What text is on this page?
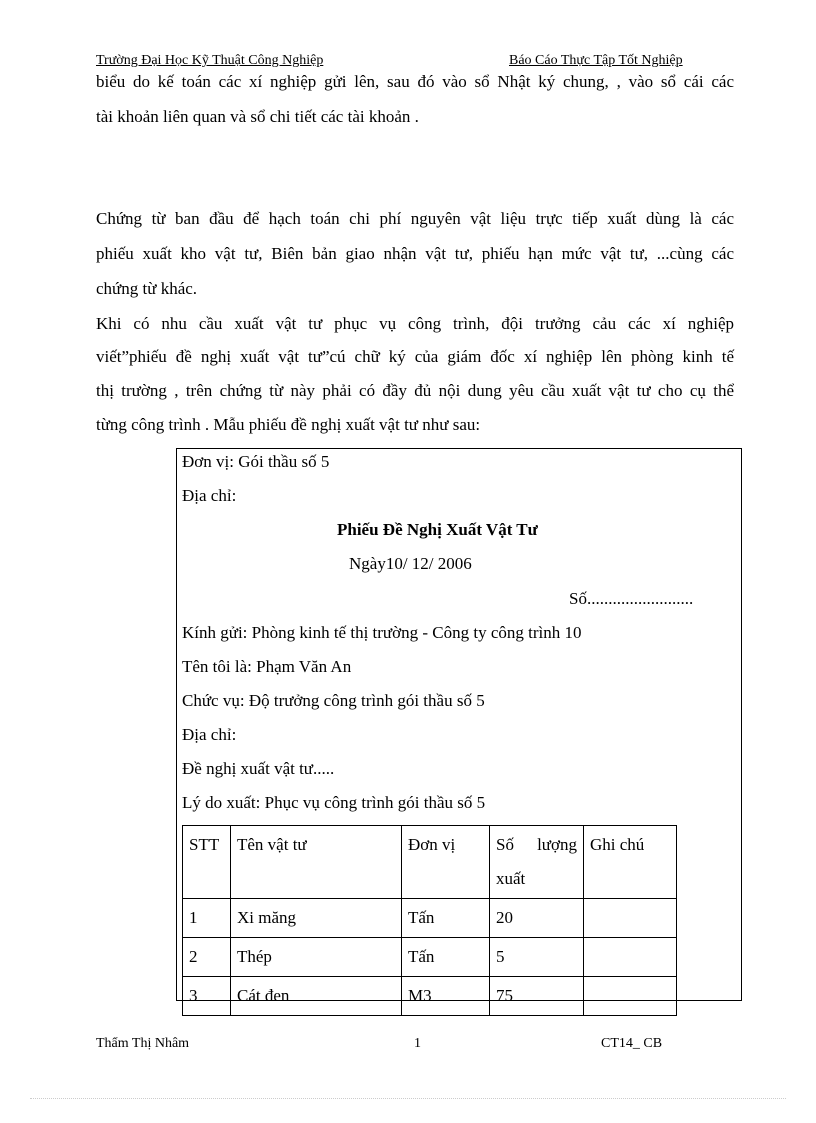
Trường Đại Học Kỹ Thuật Công Nghiệp	Báo Cáo Thực Tập Tốt Nghiệp
biểu do kế toán các xí nghiệp gửi lên, sau đó vào sổ Nhật ký chung, , vào sổ cái các
tài khoản liên quan và sổ chi tiết các tài khoản .
Chứng từ ban đầu để hạch toán chi phí nguyên vật liệu trực tiếp xuất dùng là các
phiếu xuất kho vật tư, Biên bản giao nhận vật tư, phiếu hạn mức vật tư, ...cùng các
chứng từ khác.
Khi có nhu cầu xuất vật tư phục vụ công trình, đội trưởng cảu các xí nghiệp
viết”phiếu đề nghị xuất vật tư”cú chữ ký của giám đốc xí nghiệp lên phòng kinh tế
thị trường , trên chứng từ này phải có đầy đủ nội dung yêu cầu xuất vật tư cho cụ thể
từng công trình . Mẫu phiếu đề nghị xuất vật tư như sau:
Đơn vị: Gói thầu số 5
Địa chỉ:
Phiếu Đề Nghị Xuất Vật Tư
Ngày10/ 12/ 2006
Số.........................
Kính gửi: Phòng kinh tế thị trường - Công ty công trình 10
Tên tôi là: Phạm Văn An
Chức vụ: Độ trưởng công trình gói thầu số 5
Địa chỉ:
Đề nghị xuất vật tư.....
Lý do xuất: Phục vụ công trình gói thầu số 5
STT	Tên vật tư	Đơn vị	Số lượng xuất	Ghi chú
1	Xi măng	Tấn	20	
2	Thép	Tấn	5	
3	Cát đen	M3	75	
Thẩm Thị Nhâm	1	CT14_ CB
